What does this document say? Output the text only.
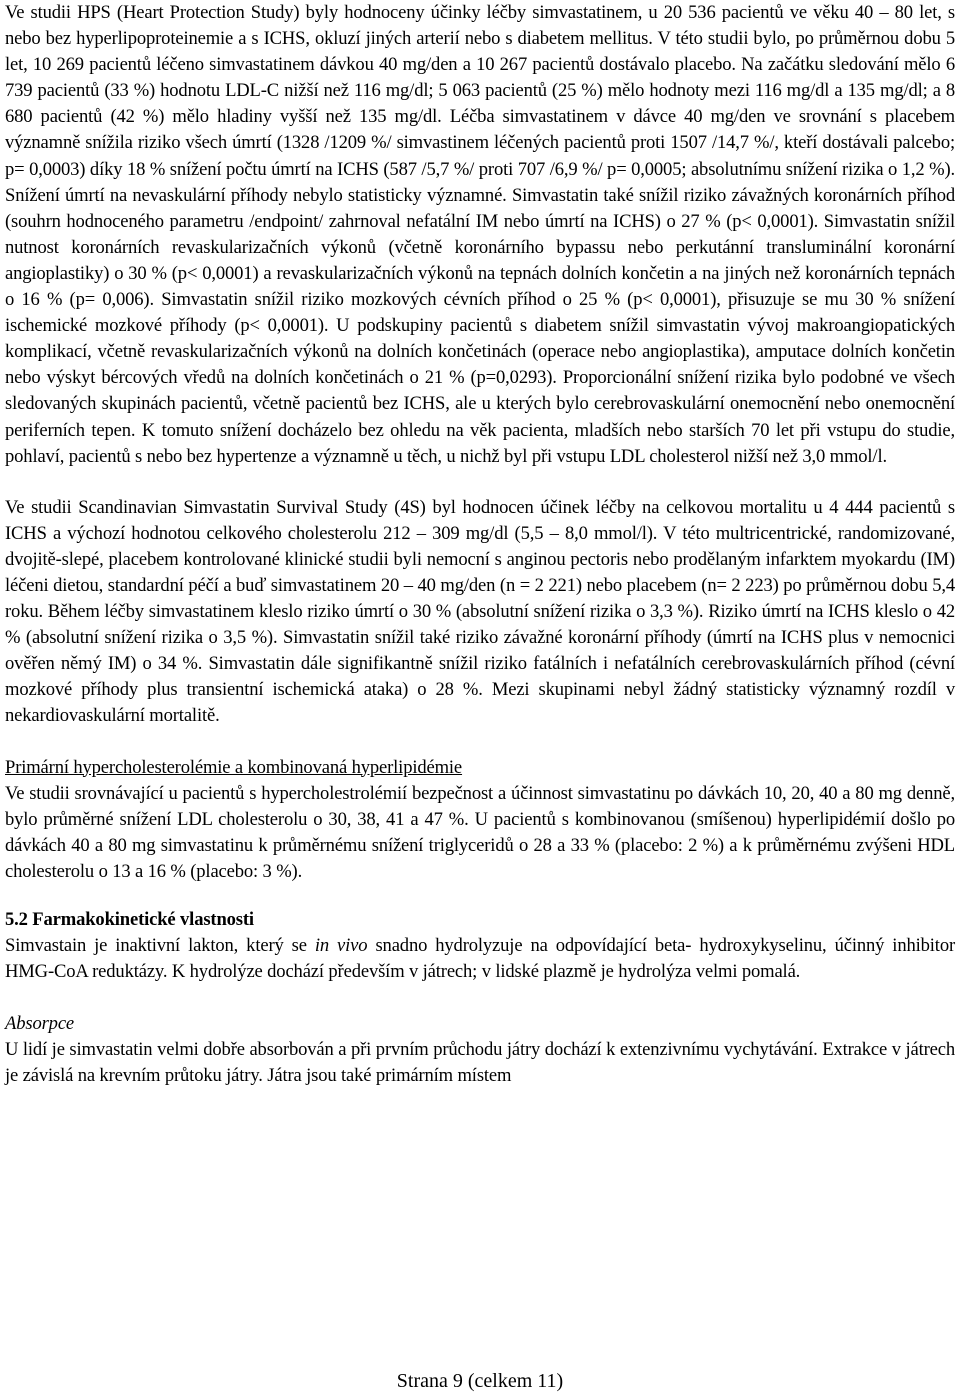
Ve studii HPS (Heart Protection Study) byly hodnoceny účinky léčby simvastatinem, u 20 536 pacientů ve věku 40 – 80 let, s nebo bez hyperlipoproteinemie a s ICHS, okluzí jiných arterií nebo s diabetem mellitus. V této studii bylo, po průměrnou dobu 5 let, 10 269 pacientů léčeno simvastatinem dávkou 40 mg/den a 10 267 pacientů dostávalo placebo. Na začátku sledování mělo 6 739 pacientů (33 %) hodnotu LDL-C nižší než 116 mg/dl; 5 063 pacientů (25 %) mělo hodnoty mezi 116 mg/dl a 135 mg/dl; a 8 680 pacientů (42 %) mělo hladiny vyšší než 135 mg/dl. Léčba simvastatinem v dávce 40 mg/den ve srovnání s placebem významně snížila riziko všech úmrtí (1328 /1209 %/ simvastinem léčených pacientů proti 1507 /14,7 %/, kteří dostávali palcebo; p= 0,0003) díky 18 % snížení počtu úmrtí na ICHS (587 /5,7 %/ proti 707 /6,9 %/ p= 0,0005; absolutnímu snížení rizika o 1,2 %). Snížení úmrtí na nevaskulární příhody nebylo statisticky významné. Simvastatin také snížil riziko závažných koronárních příhod (souhrn hodnoceného parametru /endpoint/ zahrnoval nefatální IM nebo úmrtí na ICHS) o 27 % (p< 0,0001). Simvastatin snížil nutnost koronárních revaskularizačních výkonů (včetně koronárního bypassu nebo perkutánní transluminální koronární angioplastiky) o 30 % (p< 0,0001) a revaskularizačních výkonů na tepnách dolních končetin a na jiných než koronárních tepnách o 16 % (p= 0,006). Simvastatin snížil riziko mozkových cévních příhod o 25 % (p< 0,0001), přisuzuje se mu 30 % snížení ischemické mozkové příhody (p< 0,0001). U podskupiny pacientů s diabetem snížil simvastatin vývoj makroangiopatických komplikací, včetně revaskularizačních výkonů na dolních končetinách (operace nebo angioplastika), amputace dolních končetin nebo výskyt bércových vředů na dolních končetinách o 21 % (p=0,0293). Proporcionální snížení rizika bylo podobné ve všech sledovaných skupinách pacientů, včetně pacientů bez ICHS, ale u kterých bylo cerebrovaskulární onemocnění nebo onemocnění periferních tepen. K tomuto snížení docházelo bez ohledu na věk pacienta, mladších nebo starších 70 let při vstupu do studie, pohlaví, pacientů s nebo bez hypertenze a významně u těch, u nichž byl při vstupu LDL cholesterol nižší než 3,0 mmol/l.

Ve studii Scandinavian Simvastatin Survival Study (4S) byl hodnocen účinek léčby na celkovou mortalitu u 4 444 pacientů s ICHS a výchozí hodnotou celkového cholesterolu 212 – 309 mg/dl (5,5 – 8,0 mmol/l). V této multricentrické, randomizované, dvojitě-slepé, placebem kontrolované klinické studii byli nemocní s anginou pectoris nebo prodělaným infarktem myokardu (IM) léčeni dietou, standardní péčí a buď simvastatinem 20 – 40 mg/den (n = 2 221) nebo placebem (n= 2 223) po průměrnou dobu 5,4 roku. Během léčby simvastatinem kleslo riziko úmrtí o 30 % (absolutní snížení rizika o 3,3 %). Riziko úmrtí na ICHS kleslo o 42 % (absolutní snížení rizika o 3,5 %). Simvastatin snížil také riziko závažné koronární příhody (úmrtí na ICHS plus v nemocnici ověřen němý IM) o 34 %. Simvastatin dále signifikantně snížil riziko fatálních i nefatálních cerebrovaskulárních příhod (cévní mozkové příhody plus transientní ischemická ataka) o 28 %. Mezi skupinami nebyl žádný statisticky významný rozdíl v nekardiovaskulární mortalitě.

Primární hypercholesterolémie a kombinovaná hyperlipidémie

Ve studii srovnávající u pacientů s hypercholestrolémií bezpečnost a účinnost simvastatinu po dávkách 10, 20, 40 a 80 mg denně, bylo průměrné snížení LDL cholesterolu o 30, 38, 41 a 47 %. U pacientů s kombinovanou (smíšenou) hyperlipidémií došlo po dávkách 40 a 80 mg simvastatinu k průměrnému snížení triglyceridů o 28 a 33 % (placebo: 2 %) a k průměrnému zvýšeni HDL cholesterolu o 13 a 16 % (placebo: 3 %).

5.2 Farmakokinetické vlastnosti

Simvastain je inaktivní lakton, který se in vivo snadno hydrolyzuje na odpovídající beta- hydroxykyselinu, účinný inhibitor HMG-CoA reduktázy. K hydrolýze dochází především v játrech; v lidské plazmě je hydrolýza velmi pomalá.

Absorpce

U lidí je simvastatin velmi dobře absorbován a při prvním průchodu játry dochází k extenzivnímu vychytávání. Extrakce v játrech je závislá na krevním průtoku játry. Játra jsou také primárním místem

Strana 9 (celkem 11)
